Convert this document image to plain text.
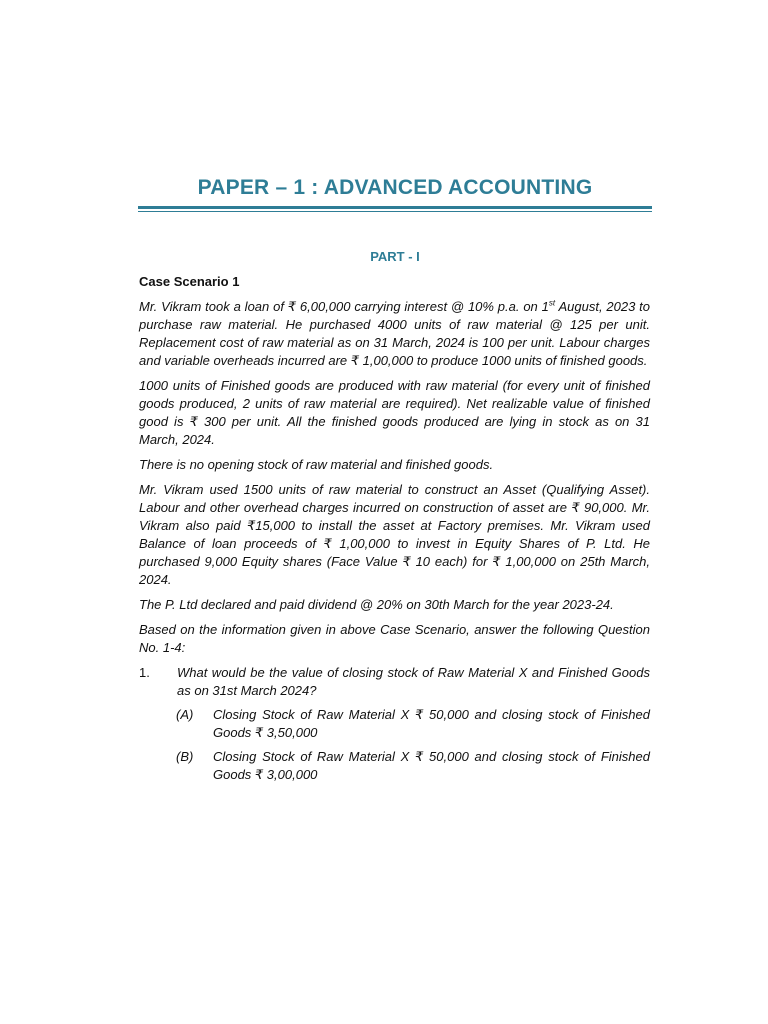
PAPER – 1 : ADVANCED ACCOUNTING
PART - I
Case Scenario 1

Mr. Vikram took a loan of ₹ 6,00,000 carrying interest @ 10% p.a. on 1st August, 2023 to purchase raw material. He purchased 4000 units of raw material @ 125 per unit. Replacement cost of raw material as on 31 March, 2024 is 100 per unit. Labour charges and variable overheads incurred are ₹ 1,00,000 to produce 1000 units of finished goods.

1000 units of Finished goods are produced with raw material (for every unit of finished goods produced, 2 units of raw material are required). Net realizable value of finished good is ₹ 300 per unit. All the finished goods produced are lying in stock as on 31 March, 2024.

There is no opening stock of raw material and finished goods.

Mr. Vikram used 1500 units of raw material to construct an Asset (Qualifying Asset). Labour and other overhead charges incurred on construction of asset are ₹ 90,000. Mr. Vikram also paid ₹15,000 to install the asset at Factory premises. Mr. Vikram used Balance of loan proceeds of ₹ 1,00,000 to invest in Equity Shares of P. Ltd. He purchased 9,000 Equity shares (Face Value ₹ 10 each) for ₹ 1,00,000 on 25th March, 2024.

The P. Ltd declared and paid dividend @ 20% on 30th March for the year 2023-24.

Based on the information given in above Case Scenario, answer the following Question No. 1-4:

1.	What would be the value of closing stock of Raw Material X and Finished Goods as on 31st March 2024?
(A)	Closing Stock of Raw Material X ₹ 50,000 and closing stock of Finished Goods ₹ 3,50,000
(B)	Closing Stock of Raw Material X ₹ 50,000 and closing stock of Finished Goods ₹ 3,00,000
